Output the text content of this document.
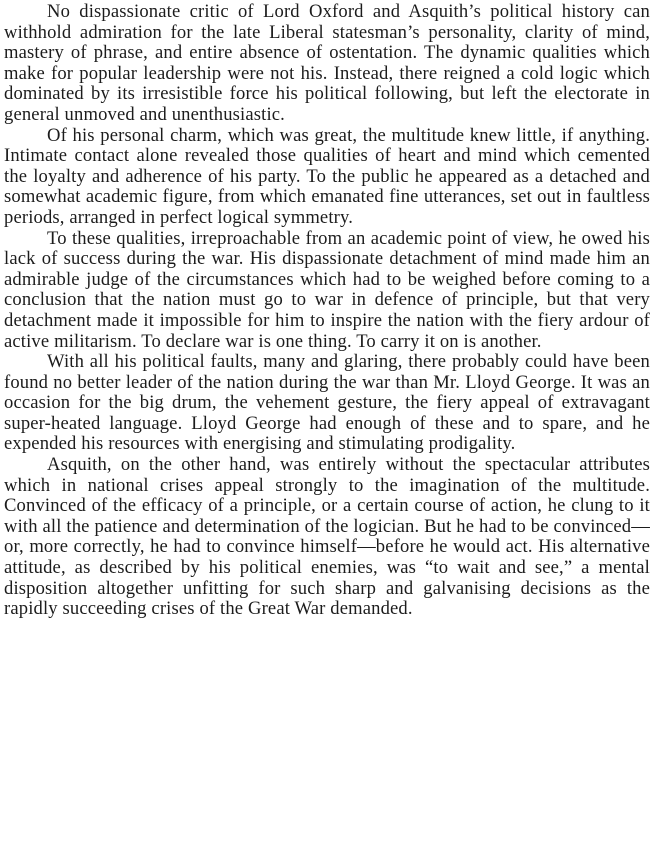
No dispassionate critic of Lord Oxford and Asquith’s political history can withhold admiration for the late Liberal statesman’s personality, clarity of mind, mastery of phrase, and entire absence of ostentation. The dynamic qualities which make for popular leadership were not his. Instead, there reigned a cold logic which dominated by its irresistible force his political following, but left the electorate in general unmoved and unenthusiastic.

Of his personal charm, which was great, the multitude knew little, if anything. Intimate contact alone revealed those qualities of heart and mind which cemented the loyalty and adherence of his party. To the public he appeared as a detached and somewhat academic figure, from which emanated fine utterances, set out in faultless periods, arranged in perfect logical symmetry.

To these qualities, irreproachable from an academic point of view, he owed his lack of success during the war. His dispassionate detachment of mind made him an admirable judge of the circumstances which had to be weighed before coming to a conclusion that the nation must go to war in defence of principle, but that very detachment made it impossible for him to inspire the nation with the fiery ardour of active militarism. To declare war is one thing. To carry it on is another.

With all his political faults, many and glaring, there probably could have been found no better leader of the nation during the war than Mr. Lloyd George. It was an occasion for the big drum, the vehement gesture, the fiery appeal of extravagant super-heated language. Lloyd George had enough of these and to spare, and he expended his resources with energising and stimulating prodigality.

Asquith, on the other hand, was entirely without the spectacular attributes which in national crises appeal strongly to the imagination of the multitude. Convinced of the efficacy of a principle, or a certain course of action, he clung to it with all the patience and determination of the logician. But he had to be convinced—or, more correctly, he had to convince himself—before he would act. His alternative attitude, as described by his political enemies, was “to wait and see,” a mental disposition altogether unfitting for such sharp and galvanising decisions as the rapidly succeeding crises of the Great War demanded.
